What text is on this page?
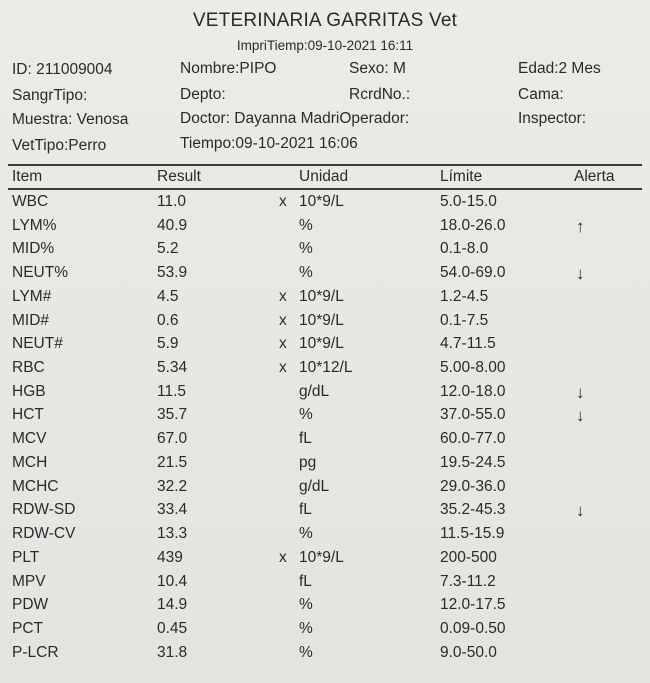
VETERINARIA GARRITAS Vet
ImpriTiemp:09-10-2021 16:11
ID: 211009004	Nombre:PIPO	Sexo: M	Edad:2 Mes
SangrTipo:	Depto:	RcrdNo.:	Cama:
Muestra: Venosa	Doctor: Dayanna MadriOperador:	Inspector:
VetTipo:Perro	Tiempo:09-10-2021 16:06
Item	Result	Unidad	Límite	Alerta
WBC	11.0	x 10*9/L	5.0-15.0
LYM%	40.9	%	18.0-26.0	↑
MID%	5.2	%	0.1-8.0
NEUT%	53.9	%	54.0-69.0	↓
LYM#	4.5	x 10*9/L	1.2-4.5
MID#	0.6	x 10*9/L	0.1-7.5
NEUT#	5.9	x 10*9/L	4.7-11.5
RBC	5.34	x 10*12/L	5.00-8.00
HGB	11.5	g/dL	12.0-18.0	↓
HCT	35.7	%	37.0-55.0	↓
MCV	67.0	fL	60.0-77.0
MCH	21.5	pg	19.5-24.5
MCHC	32.2	g/dL	29.0-36.0
RDW-SD	33.4	fL	35.2-45.3	↓
RDW-CV	13.3	%	11.5-15.9
PLT	439	x 10*9/L	200-500
MPV	10.4	fL	7.3-11.2
PDW	14.9	%	12.0-17.5
PCT	0.45	%	0.09-0.50
P-LCR	31.8	%	9.0-50.0
